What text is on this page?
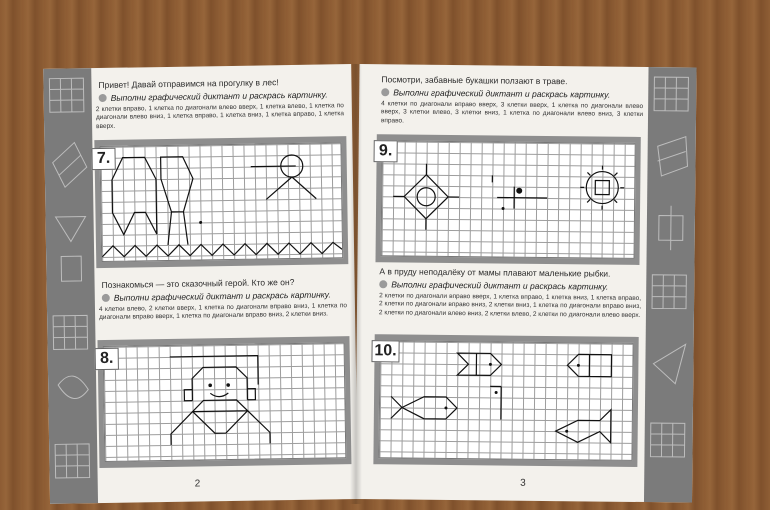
Привет! Давай отправимся на прогулку в лес!
Выполни графический диктант и раскрась картинку.
2 клетки вправо, 1 клетка по диагонали влево вверх, 1 клетка влево, 1 клетка по диагонали влево вниз, 1 клетка вправо, 1 клетка вниз, 1 клетка вправо, 1 клетка вверх.
7.
Познакомься — это сказочный герой. Кто же он?
Выполни графический диктант и раскрась картинку.
4 клетки влево, 2 клетки вверх, 1 клетка по диагонали вправо вниз, 1 клетка по диагонали вправо вверх, 1 клетка по диагонали вправо вниз, 2 клетки вниз.
8.
2
Посмотри, забавные букашки ползают в траве.
Выполни графический диктант и раскрась картинку.
4 клетки по диагонали вправо вверх, 3 клетки вверх, 1 клетка по диагонали влево вверх, 3 клетки влево, 3 клетки вниз, 1 клетка по диагонали влево вниз, 3 клетки вправо.
9.
А в пруду неподалёку от мамы плавают маленькие рыбки.
Выполни графический диктант и раскрась картинку.
2 клетки по диагонали вправо вверх, 1 клетка вправо, 1 клетка вниз, 1 клетка вправо, 2 клетки по диагонали вправо вниз, 2 клетки вниз, 1 клетка по диагонали вправо вниз, 2 клетки по диагонали влево вниз, 2 клетки влево, 2 клетки по диагонали влево вверх.
10.
3
